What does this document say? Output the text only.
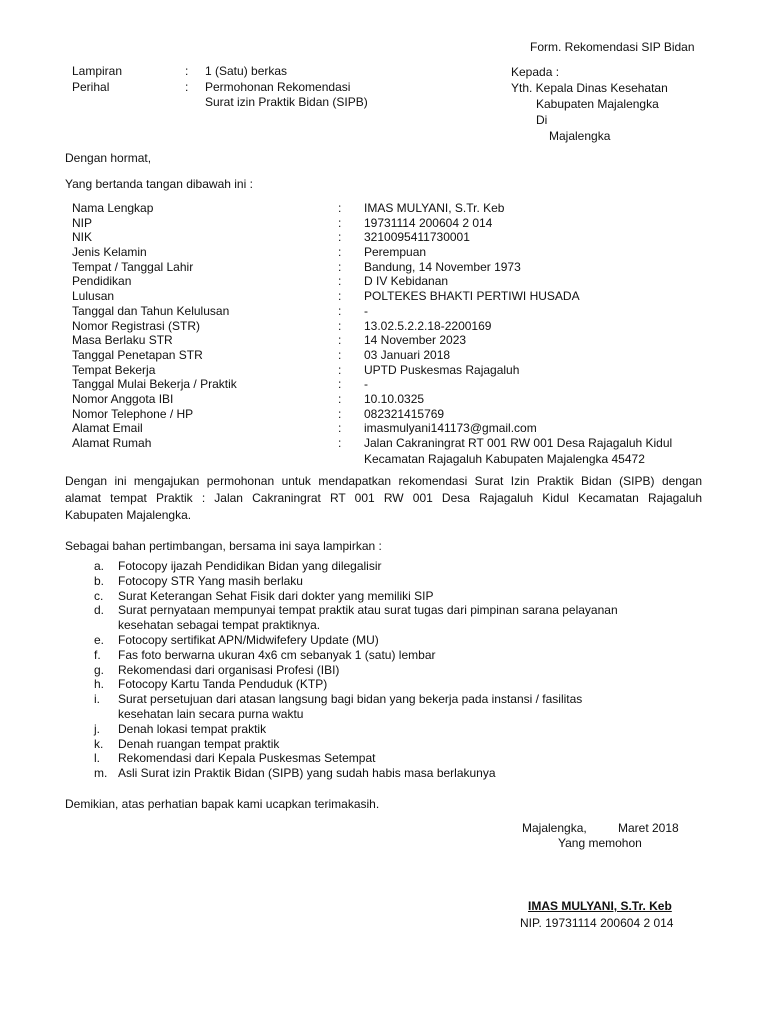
Form. Rekomendasi SIP Bidan
Lampiran	: 1 (Satu) berkas
Perihal	: Permohonan Rekomendasi
Surat izin Praktik Bidan (SIPB)
Kepada :
Yth. Kepala Dinas Kesehatan
Kabupaten Majalengka
Di
Majalengka
Dengan hormat,
Yang bertanda tangan dibawah ini :
Nama Lengkap	: IMAS MULYANI, S.Tr. Keb
NIP	: 19731114 200604 2 014
NIK	: 3210095411730001
Jenis Kelamin	: Perempuan
Tempat / Tanggal Lahir	: Bandung, 14 November 1973
Pendidikan	: D IV Kebidanan
Lulusan	: POLTEKES BHAKTI PERTIWI HUSADA
Tanggal dan Tahun Kelulusan	: -
Nomor Registrasi (STR)	: 13.02.5.2.2.18-2200169
Masa Berlaku STR	: 14 November 2023
Tanggal Penetapan STR	: 03 Januari 2018
Tempat Bekerja	: UPTD Puskesmas Rajagaluh
Tanggal Mulai Bekerja / Praktik	: -
Nomor Anggota IBI	: 10.10.0325
Nomor Telephone / HP	: 082321415769
Alamat Email	: imasmulyani141173@gmail.com
Alamat Rumah	: Jalan Cakraningrat RT 001 RW 001 Desa Rajagaluh Kidul
Kecamatan Rajagaluh Kabupaten Majalengka 45472
Dengan ini mengajukan permohonan untuk mendapatkan rekomendasi Surat Izin Praktik Bidan (SIPB) dengan
alamat tempat Praktik : Jalan Cakraningrat RT 001 RW 001 Desa Rajagaluh Kidul Kecamatan Rajagaluh
Kabupaten Majalengka.
Sebagai bahan pertimbangan, bersama ini saya lampirkan :
a. Fotocopy ijazah Pendidikan Bidan yang dilegalisir
b. Fotocopy STR Yang masih berlaku
c. Surat Keterangan Sehat Fisik dari dokter yang memiliki SIP
d. Surat pernyataan mempunyai tempat praktik atau surat tugas dari pimpinan sarana pelayanan
kesehatan sebagai tempat praktiknya.
e. Fotocopy sertifikat APN/Midwifefery Update (MU)
f. Fas foto berwarna ukuran 4x6 cm sebanyak 1 (satu) lembar
g. Rekomendasi dari organisasi Profesi (IBI)
h. Fotocopy Kartu Tanda Penduduk (KTP)
i. Surat persetujuan dari atasan langsung bagi bidan yang bekerja pada instansi / fasilitas
kesehatan lain secara purna waktu
j. Denah lokasi tempat praktik
k. Denah ruangan tempat praktik
l. Rekomendasi dari Kepala Puskesmas Setempat
m. Asli Surat izin Praktik Bidan (SIPB) yang sudah habis masa berlakunya
Demikian, atas perhatian bapak kami ucapkan terimakasih.
Majalengka,	Maret 2018
Yang memohon
IMAS MULYANI, S.Tr. Keb
NIP. 19731114 200604 2 014
